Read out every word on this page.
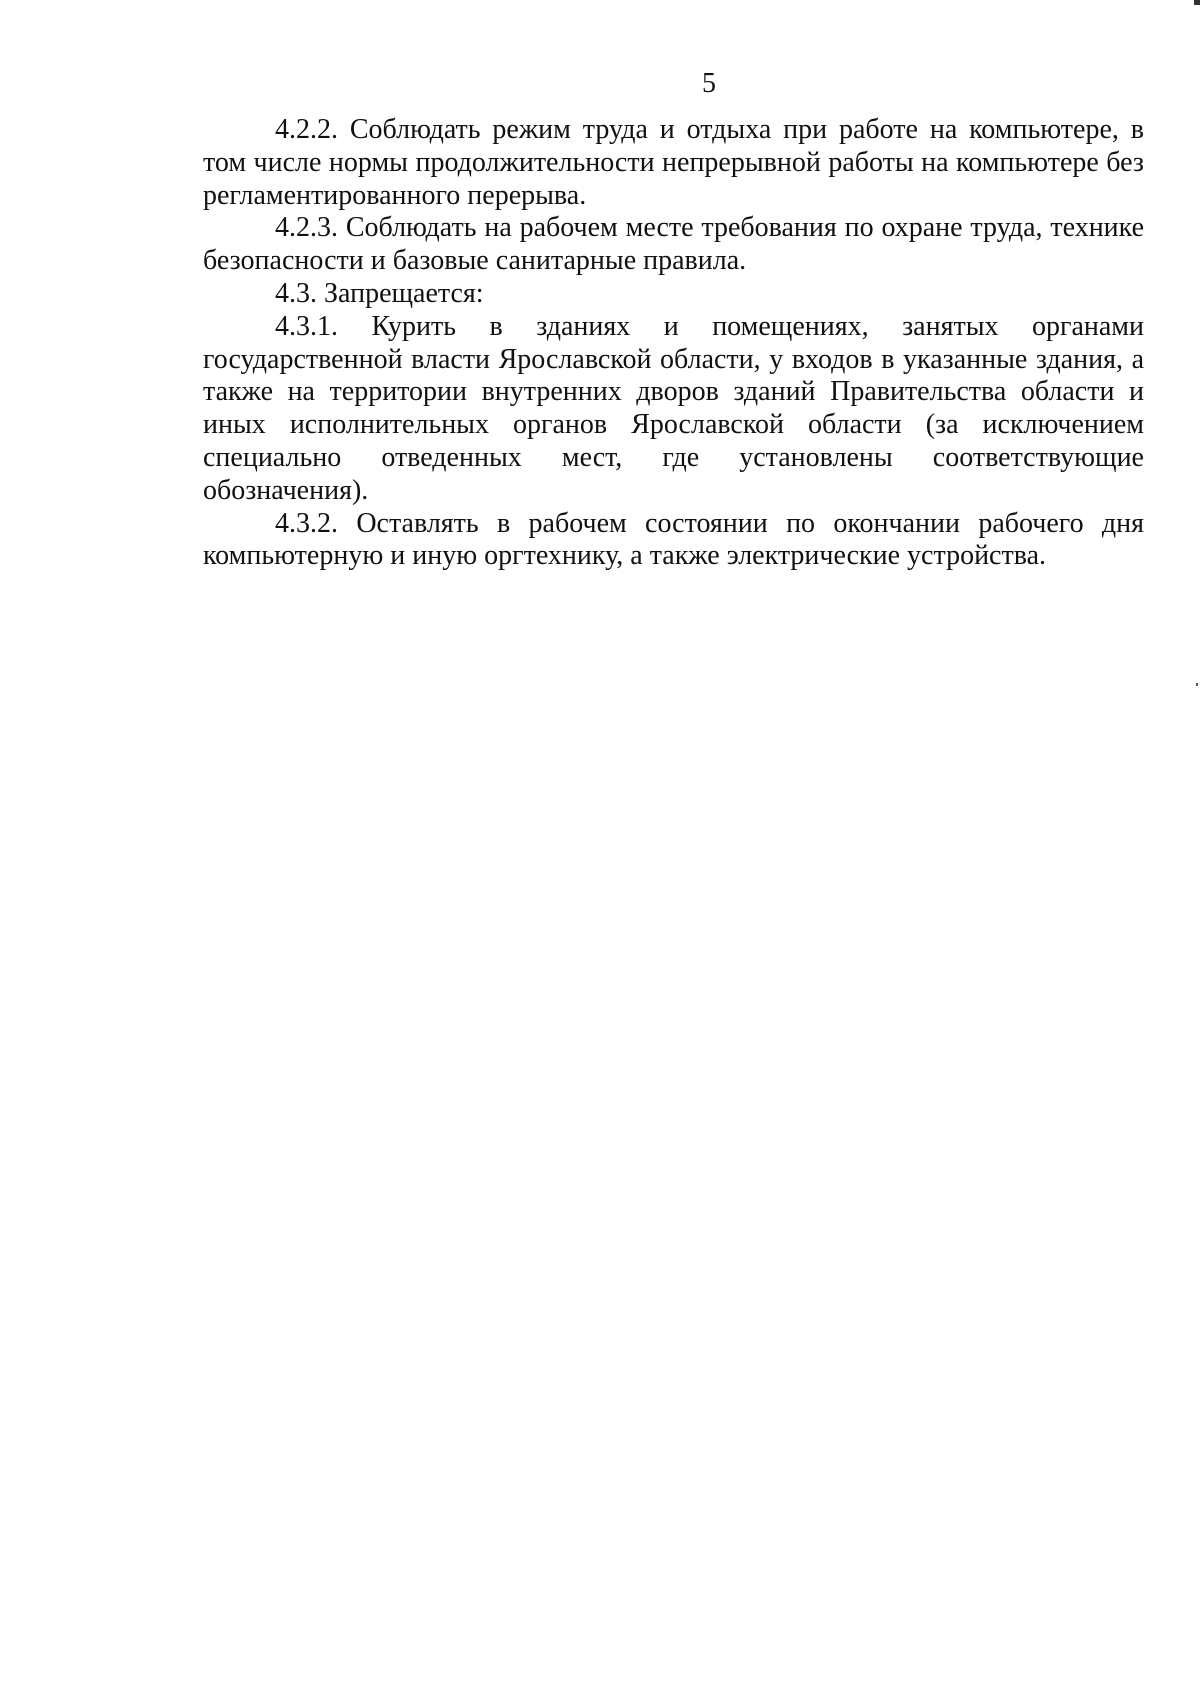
5

4.2.2. Соблюдать режим труда и отдыха при работе на компьютере, в том числе нормы продолжительности непрерывной работы на компьютере без регламентированного перерыва.

4.2.3. Соблюдать на рабочем месте требования по охране труда, технике безопасности и базовые санитарные правила.

4.3. Запрещается:

4.3.1. Курить в зданиях и помещениях, занятых органами государственной власти Ярославской области, у входов в указанные здания, а также на территории внутренних дворов зданий Правительства области и иных исполнительных органов Ярославской области (за исключением специально отведенных мест, где установлены соответствующие обозначения).

4.3.2. Оставлять в рабочем состоянии по окончании рабочего дня компьютерную и иную оргтехнику, а также электрические устройства.
